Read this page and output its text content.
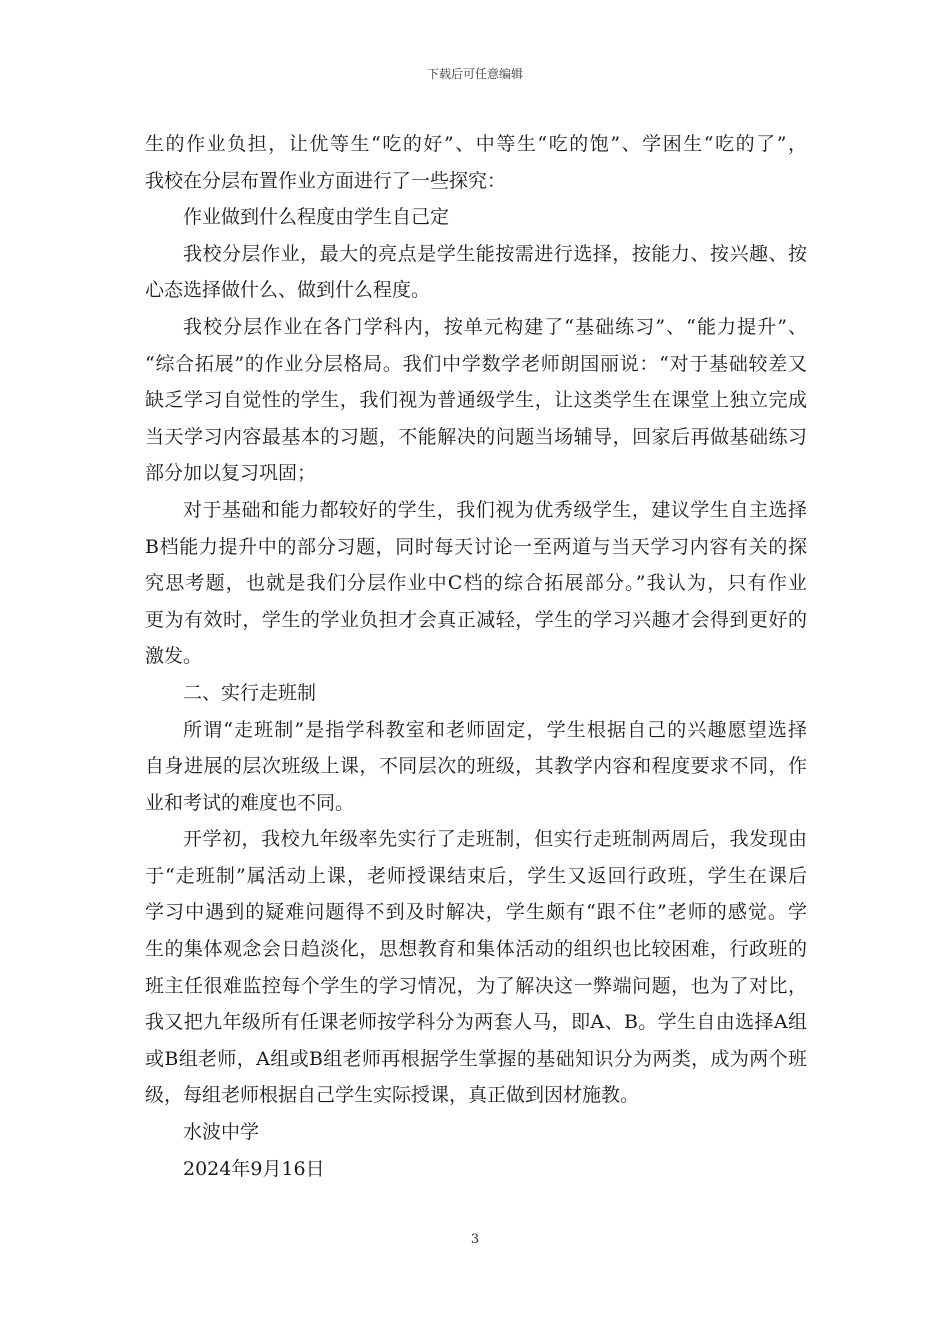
下载后可任意编辑
生的作业负担，让优等生“吃的好”、中等生“吃的饱”、学困生“吃的了”，
我校在分层布置作业方面进行了一些探究：
作业做到什么程度由学生自己定
我校分层作业，最大的亮点是学生能按需进行选择，按能力、按兴趣、按
心态选择做什么、做到什么程度。
我校分层作业在各门学科内，按单元构建了“基础练习”、“能力提升”、
“综合拓展”的作业分层格局。我们中学数学老师朗国丽说：“对于基础较差又
缺乏学习自觉性的学生，我们视为普通级学生，让这类学生在课堂上独立完成
当天学习内容最基本的习题，不能解决的问题当场辅导，回家后再做基础练习
部分加以复习巩固；
对于基础和能力都较好的学生，我们视为优秀级学生，建议学生自主选择
B档能力提升中的部分习题，同时每天讨论一至两道与当天学习内容有关的探
究思考题，也就是我们分层作业中C档的综合拓展部分。”我认为，只有作业
更为有效时，学生的学业负担才会真正减轻，学生的学习兴趣才会得到更好的
激发。
二、实行走班制
所谓“走班制”是指学科教室和老师固定，学生根据自己的兴趣愿望选择
自身进展的层次班级上课，不同层次的班级，其教学内容和程度要求不同，作
业和考试的难度也不同。
开学初，我校九年级率先实行了走班制，但实行走班制两周后，我发现由
于“走班制”属活动上课，老师授课结束后，学生又返回行政班，学生在课后
学习中遇到的疑难问题得不到及时解决，学生颇有“跟不住”老师的感觉。学
生的集体观念会日趋淡化，思想教育和集体活动的组织也比较困难，行政班的
班主任很难监控每个学生的学习情况，为了解决这一弊端问题，也为了对比，
我又把九年级所有任课老师按学科分为两套人马，即A、B。学生自由选择A组
或B组老师，A组或B组老师再根据学生掌握的基础知识分为两类，成为两个班
级，每组老师根据自己学生实际授课，真正做到因材施教。
水波中学
2024年9月16日
3
